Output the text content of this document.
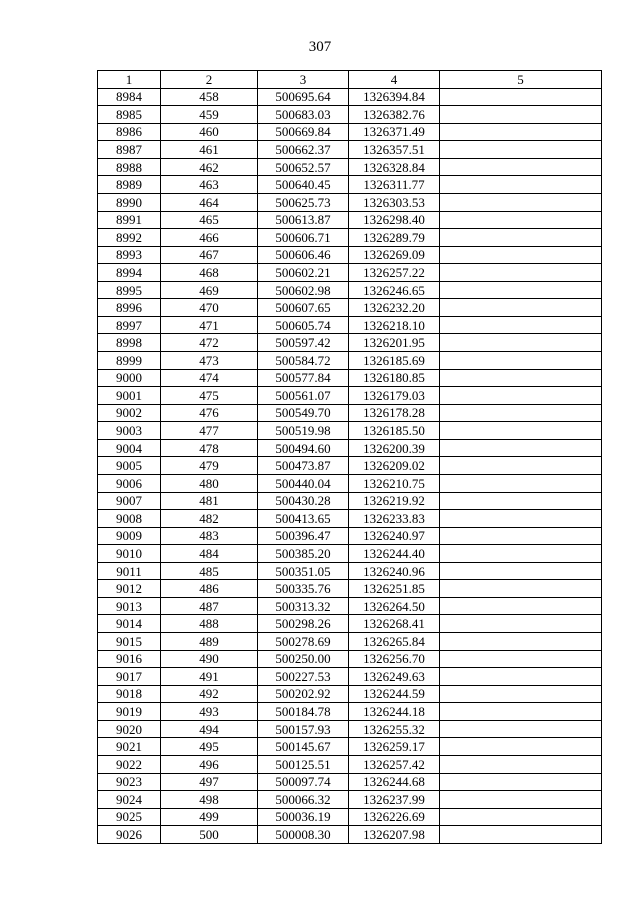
307
1	2	3	4	5
8984	458	500695.64	1326394.84	
8985	459	500683.03	1326382.76	
8986	460	500669.84	1326371.49	
8987	461	500662.37	1326357.51	
8988	462	500652.57	1326328.84	
8989	463	500640.45	1326311.77	
8990	464	500625.73	1326303.53	
8991	465	500613.87	1326298.40	
8992	466	500606.71	1326289.79	
8993	467	500606.46	1326269.09	
8994	468	500602.21	1326257.22	
8995	469	500602.98	1326246.65	
8996	470	500607.65	1326232.20	
8997	471	500605.74	1326218.10	
8998	472	500597.42	1326201.95	
8999	473	500584.72	1326185.69	
9000	474	500577.84	1326180.85	
9001	475	500561.07	1326179.03	
9002	476	500549.70	1326178.28	
9003	477	500519.98	1326185.50	
9004	478	500494.60	1326200.39	
9005	479	500473.87	1326209.02	
9006	480	500440.04	1326210.75	
9007	481	500430.28	1326219.92	
9008	482	500413.65	1326233.83	
9009	483	500396.47	1326240.97	
9010	484	500385.20	1326244.40	
9011	485	500351.05	1326240.96	
9012	486	500335.76	1326251.85	
9013	487	500313.32	1326264.50	
9014	488	500298.26	1326268.41	
9015	489	500278.69	1326265.84	
9016	490	500250.00	1326256.70	
9017	491	500227.53	1326249.63	
9018	492	500202.92	1326244.59	
9019	493	500184.78	1326244.18	
9020	494	500157.93	1326255.32	
9021	495	500145.67	1326259.17	
9022	496	500125.51	1326257.42	
9023	497	500097.74	1326244.68	
9024	498	500066.32	1326237.99	
9025	499	500036.19	1326226.69	
9026	500	500008.30	1326207.98	
